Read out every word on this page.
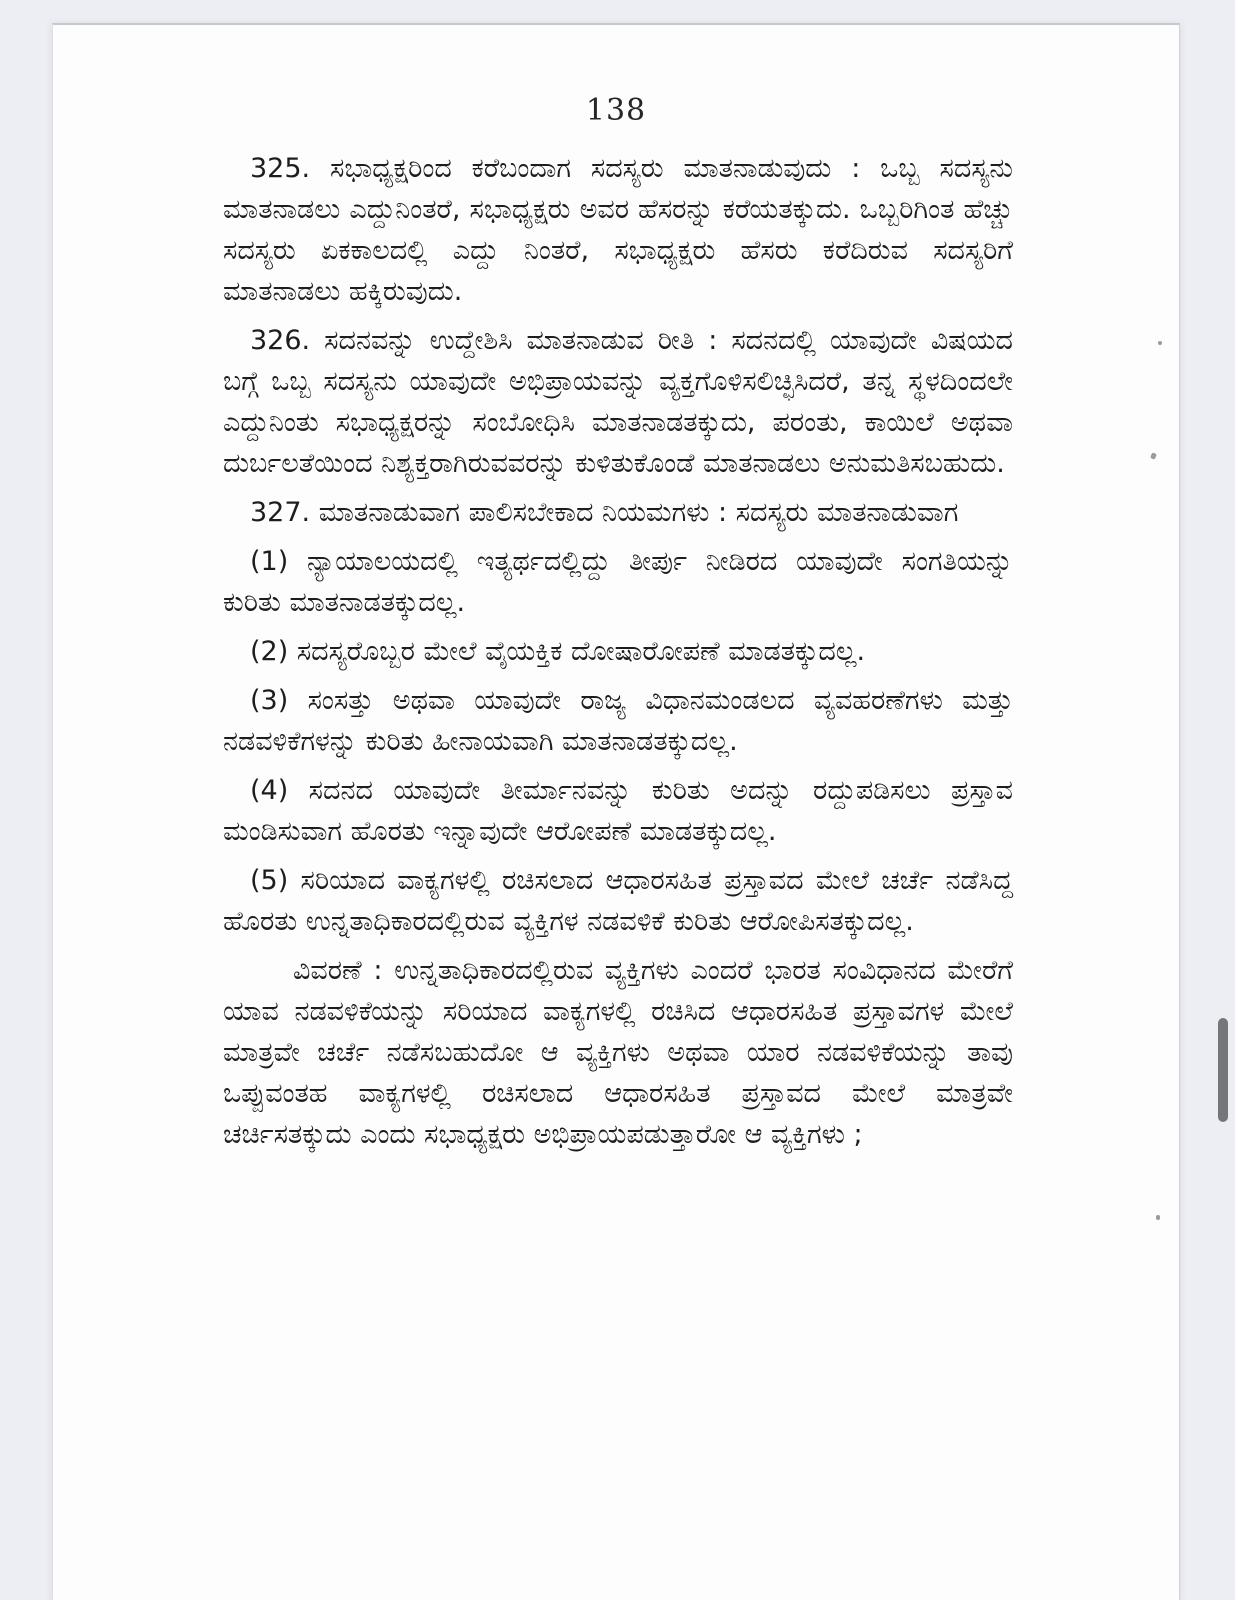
138

325. ಸಭಾಧ್ಯಕ್ಷರಿಂದ ಕರೆಬಂದಾಗ ಸದಸ್ಯರು ಮಾತನಾಡುವುದು : ಒಬ್ಬ ಸದಸ್ಯನು ಮಾತನಾಡಲು ಎದ್ದುನಿಂತರೆ, ಸಭಾಧ್ಯಕ್ಷರು ಅವರ ಹೆಸರನ್ನು ಕರೆಯತಕ್ಕುದು. ಒಬ್ಬರಿಗಿಂತ ಹೆಚ್ಚು ಸದಸ್ಯರು ಏಕಕಾಲದಲ್ಲಿ ಎದ್ದು ನಿಂತರೆ, ಸಭಾಧ್ಯಕ್ಷರು ಹೆಸರು ಕರೆದಿರುವ ಸದಸ್ಯರಿಗೆ ಮಾತನಾಡಲು ಹಕ್ಕಿರುವುದು.

326. ಸದನವನ್ನು ಉದ್ದೇಶಿಸಿ ಮಾತನಾಡುವ ರೀತಿ : ಸದನದಲ್ಲಿ ಯಾವುದೇ ವಿಷಯದ ಬಗ್ಗೆ ಒಬ್ಬ ಸದಸ್ಯನು ಯಾವುದೇ ಅಭಿಪ್ರಾಯವನ್ನು ವ್ಯಕ್ತಗೊಳಿಸಲಿಚ್ಛಿಸಿದರೆ, ತನ್ನ ಸ್ಥಳದಿಂದಲೇ ಎದ್ದುನಿಂತು ಸಭಾಧ್ಯಕ್ಷರನ್ನು ಸಂಬೋಧಿಸಿ ಮಾತನಾಡತಕ್ಕುದು, ಪರಂತು, ಕಾಯಿಲೆ ಅಥವಾ ದುರ್ಬಲತೆಯಿಂದ ನಿಶ್ಯಕ್ತರಾಗಿರುವವರನ್ನು ಕುಳಿತುಕೊಂಡೆ ಮಾತನಾಡಲು ಅನುಮತಿಸಬಹುದು.

327. ಮಾತನಾಡುವಾಗ ಪಾಲಿಸಬೇಕಾದ ನಿಯಮಗಳು : ಸದಸ್ಯರು ಮಾತನಾಡುವಾಗ

(1) ನ್ಯಾಯಾಲಯದಲ್ಲಿ ಇತ್ಯರ್ಥದಲ್ಲಿದ್ದು ತೀರ್ಪು ನೀಡಿರದ ಯಾವುದೇ ಸಂಗತಿಯನ್ನು ಕುರಿತು ಮಾತನಾಡತಕ್ಕುದಲ್ಲ.

(2) ಸದಸ್ಯರೊಬ್ಬರ ಮೇಲೆ ವೈಯಕ್ತಿಕ ದೋಷಾರೋಪಣೆ ಮಾಡತಕ್ಕುದಲ್ಲ.

(3) ಸಂಸತ್ತು ಅಥವಾ ಯಾವುದೇ ರಾಜ್ಯ ವಿಧಾನಮಂಡಲದ ವ್ಯವಹರಣೆಗಳು ಮತ್ತು ನಡವಳಿಕೆಗಳನ್ನು ಕುರಿತು ಹೀನಾಯವಾಗಿ ಮಾತನಾಡತಕ್ಕುದಲ್ಲ.

(4) ಸದನದ ಯಾವುದೇ ತೀರ್ಮಾನವನ್ನು ಕುರಿತು ಅದನ್ನು ರದ್ದುಪಡಿಸಲು ಪ್ರಸ್ತಾವ ಮಂಡಿಸುವಾಗ ಹೊರತು ಇನ್ನಾವುದೇ ಆರೋಪಣೆ ಮಾಡತಕ್ಕುದಲ್ಲ.

(5) ಸರಿಯಾದ ವಾಕ್ಯಗಳಲ್ಲಿ ರಚಿಸಲಾದ ಆಧಾರಸಹಿತ ಪ್ರಸ್ತಾವದ ಮೇಲೆ ಚರ್ಚೆ ನಡೆಸಿದ್ದ ಹೊರತು ಉನ್ನತಾಧಿಕಾರದಲ್ಲಿರುವ ವ್ಯಕ್ತಿಗಳ ನಡವಳಿಕೆ ಕುರಿತು ಆರೋಪಿಸತಕ್ಕುದಲ್ಲ.

ವಿವರಣೆ : ಉನ್ನತಾಧಿಕಾರದಲ್ಲಿರುವ ವ್ಯಕ್ತಿಗಳು ಎಂದರೆ ಭಾರತ ಸಂವಿಧಾನದ ಮೇರೆಗೆ ಯಾವ ನಡವಳಿಕೆಯನ್ನು ಸರಿಯಾದ ವಾಕ್ಯಗಳಲ್ಲಿ ರಚಿಸಿದ ಆಧಾರಸಹಿತ ಪ್ರಸ್ತಾವಗಳ ಮೇಲೆ ಮಾತ್ರವೇ ಚರ್ಚೆ ನಡೆಸಬಹುದೋ ಆ ವ್ಯಕ್ತಿಗಳು ಅಥವಾ ಯಾರ ನಡವಳಿಕೆಯನ್ನು ತಾವು ಒಪ್ಪುವಂತಹ ವಾಕ್ಯಗಳಲ್ಲಿ ರಚಿಸಲಾದ ಆಧಾರಸಹಿತ ಪ್ರಸ್ತಾವದ ಮೇಲೆ ಮಾತ್ರವೇ ಚರ್ಚಿಸತಕ್ಕುದು ಎಂದು ಸಭಾಧ್ಯಕ್ಷರು ಅಭಿಪ್ರಾಯಪಡುತ್ತಾರೋ ಆ ವ್ಯಕ್ತಿಗಳು ;
